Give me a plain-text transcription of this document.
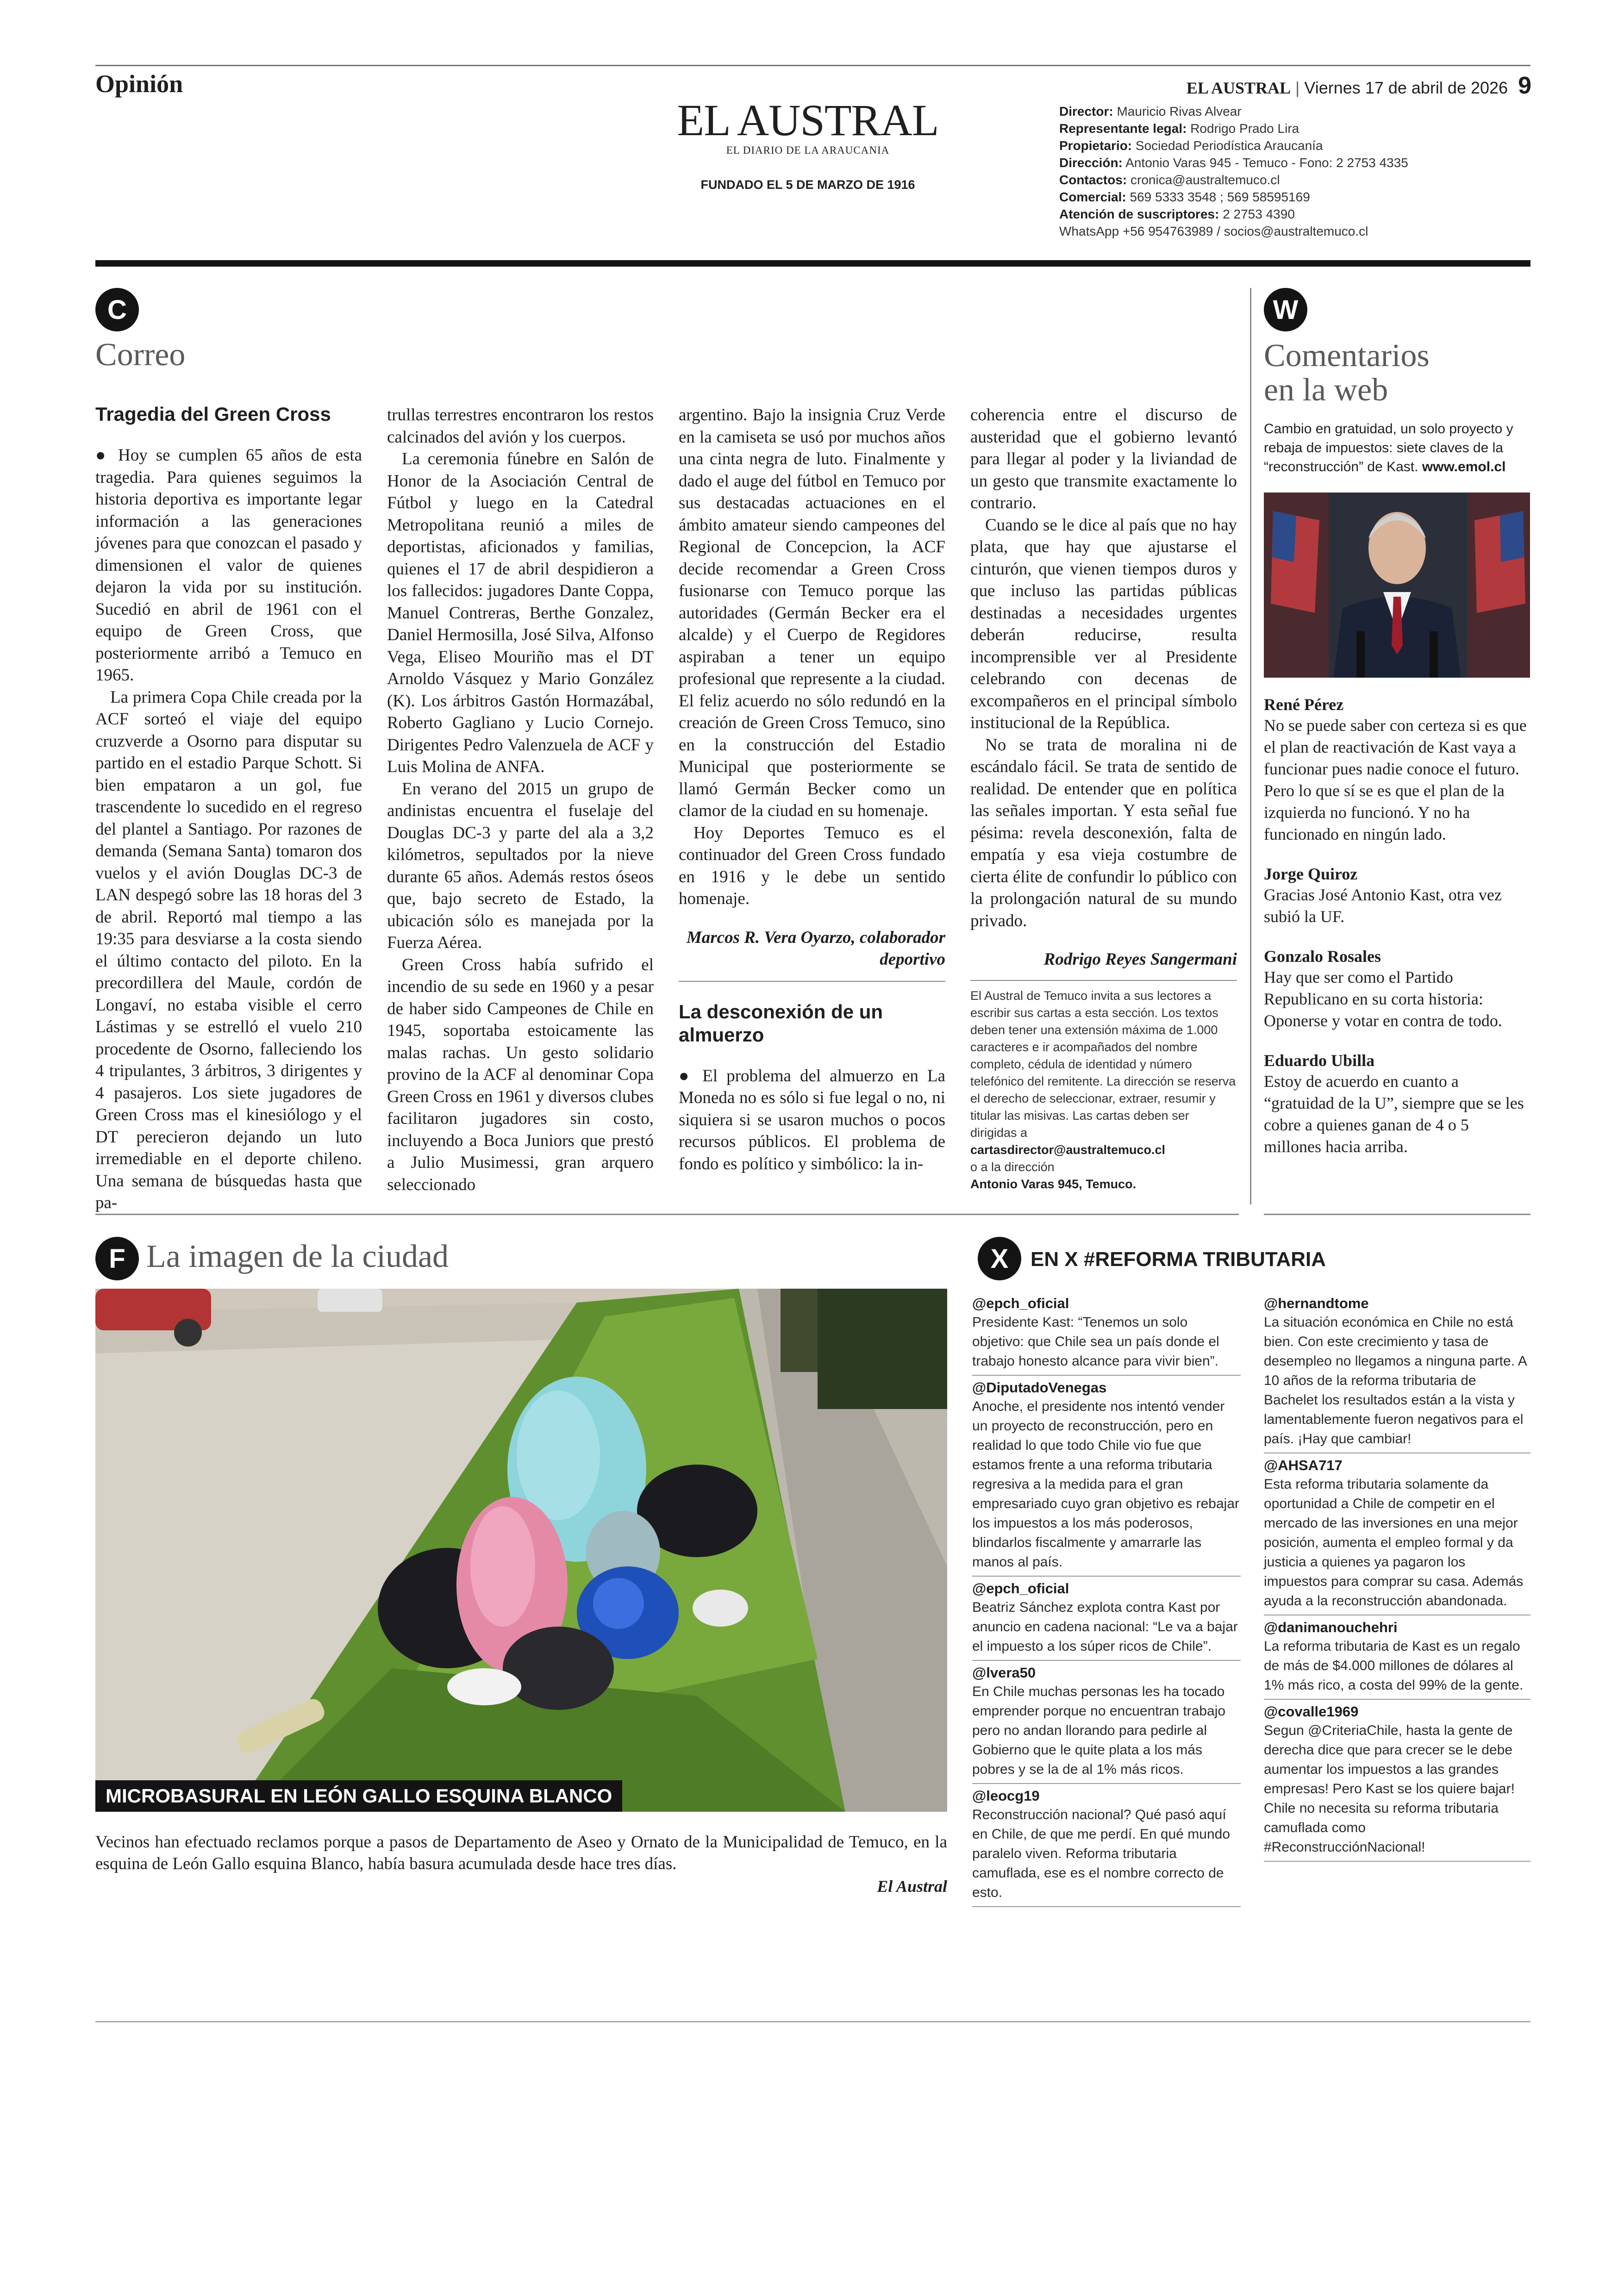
Opinión	EL AUSTRAL | Viernes 17 de abril de 2026 9
EL AUSTRAL
EL DIARIO DE LA ARAUCANIA
FUNDADO EL 5 DE MARZO DE 1916
Director: Mauricio Rivas Alvear
Representante legal: Rodrigo Prado Lira
Propietario: Sociedad Periodística Araucanía
Dirección: Antonio Varas 945 - Temuco - Fono: 2 2753 4335
Contactos: cronica@australtemuco.cl
Comercial: 569 5333 3548 ; 569 58595169
Atención de suscriptores: 2 2753 4390
WhatsApp +56 954763989 / socios@australtemuco.cl
C
Correo

Tragedia del Green Cross

● Hoy se cumplen 65 años de esta tragedia. Para quienes seguimos la historia deportiva es importante legar información a las generaciones jóvenes para que conozcan el pasado y dimensionen el valor de quienes dejaron la vida por su institución. Sucedió en abril de 1961 con el equipo de Green Cross, que posteriormente arribó a Temuco en 1965.

La primera Copa Chile creada por la ACF sorteó el viaje del equipo cruzverde a Osorno para disputar su partido en el estadio Parque Schott. Si bien empataron a un gol, fue trascendente lo sucedido en el regreso del plantel a Santiago. Por razones de demanda (Semana Santa) tomaron dos vuelos y el avión Douglas DC-3 de LAN despegó sobre las 18 horas del 3 de abril. Reportó mal tiempo a las 19:35 para desviarse a la costa siendo el último contacto del piloto. En la precordillera del Maule, cordón de Longaví, no estaba visible el cerro Lástimas y se estrelló el vuelo 210 procedente de Osorno, falleciendo los 4 tripulantes, 3 árbitros, 3 dirigentes y 4 pasajeros. Los siete jugadores de Green Cross mas el kinesiólogo y el DT perecieron dejando un luto irremediable en el deporte chileno. Una semana de búsquedas hasta que pa-

trullas terrestres encontraron los restos calcinados del avión y los cuerpos.

La ceremonia fúnebre en Salón de Honor de la Asociación Central de Fútbol y luego en la Catedral Metropolitana reunió a miles de deportistas, aficionados y familias, quienes el 17 de abril despidieron a los fallecidos: jugadores Dante Coppa, Manuel Contreras, Berthe Gonzalez, Daniel Hermosilla, José Silva, Alfonso Vega, Eliseo Mouriño mas el DT Arnoldo Vásquez y Mario González (K). Los árbitros Gastón Hormazábal, Roberto Gagliano y Lucio Cornejo. Dirigentes Pedro Valenzuela de ACF y Luis Molina de ANFA.

En verano del 2015 un grupo de andinistas encuentra el fuselaje del Douglas DC-3 y parte del ala a 3,2 kilómetros, sepultados por la nieve durante 65 años. Además restos óseos que, bajo secreto de Estado, la ubicación sólo es manejada por la Fuerza Aérea.

Green Cross había sufrido el incendio de su sede en 1960 y a pesar de haber sido Campeones de Chile en 1945, soportaba estoicamente las malas rachas. Un gesto solidario provino de la ACF al denominar Copa Green Cross en 1961 y diversos clubes facilitaron jugadores sin costo, incluyendo a Boca Juniors que prestó a Julio Musimessi, gran arquero seleccionado

argentino. Bajo la insignia Cruz Verde en la camiseta se usó por muchos años una cinta negra de luto. Finalmente y dado el auge del fútbol en Temuco por sus destacadas actuaciones en el ámbito amateur siendo campeones del Regional de Concepcion, la ACF decide recomendar a Green Cross fusionarse con Temuco porque las autoridades (Germán Becker era el alcalde) y el Cuerpo de Regidores aspiraban a tener un equipo profesional que represente a la ciudad. El feliz acuerdo no sólo redundó en la creación de Green Cross Temuco, sino en la construcción del Estadio Municipal que posteriormente se llamó Germán Becker como un clamor de la ciudad en su homenaje.

Hoy Deportes Temuco es el continuador del Green Cross fundado en 1916 y le debe un sentido homenaje.

Marcos R. Vera Oyarzo, colaborador deportivo

La desconexión de un almuerzo

● El problema del almuerzo en La Moneda no es sólo si fue legal o no, ni siquiera si se usaron muchos o pocos recursos públicos. El problema de fondo es político y simbólico: la in-

coherencia entre el discurso de austeridad que el gobierno levantó para llegar al poder y la liviandad de un gesto que transmite exactamente lo contrario.

Cuando se le dice al país que no hay plata, que hay que ajustarse el cinturón, que vienen tiempos duros y que incluso las partidas públicas destinadas a necesidades urgentes deberán reducirse, resulta incomprensible ver al Presidente celebrando con decenas de excompañeros en el principal símbolo institucional de la República.

No se trata de moralina ni de escándalo fácil. Se trata de sentido de realidad. De entender que en política las señales importan. Y esta señal fue pésima: revela desconexión, falta de empatía y esa vieja costumbre de cierta élite de confundir lo público con la prolongación natural de su mundo privado.

Rodrigo Reyes Sangermani

El Austral de Temuco invita a sus lectores a escribir sus cartas a esta sección. Los textos deben tener una extensión máxima de 1.000 caracteres e ir acompañados del nombre completo, cédula de identidad y número telefónico del remitente. La dirección se reserva el derecho de seleccionar, extraer, resumir y titular las misivas. Las cartas deben ser dirigidas a
cartasdirector@australtemuco.cl
o a la dirección
Antonio Varas 945, Temuco.
W
Comentarios
en la web
Cambio en gratuidad, un solo proyecto y rebaja de impuestos: siete claves de la “reconstrucción” de Kast. www.emol.cl

René Pérez

No se puede saber con certeza si es que el plan de reactivación de Kast vaya a funcionar pues nadie conoce el futuro. Pero lo que sí se es que el plan de la izquierda no funcionó. Y no ha funcionado en ningún lado.

Jorge Quiroz

Gracias José Antonio Kast, otra vez subió la UF.

Gonzalo Rosales

Hay que ser como el Partido Republicano en su corta historia: Oponerse y votar en contra de todo.

Eduardo Ubilla

Estoy de acuerdo en cuanto a “gratuidad de la U”, siempre que se les cobre a quienes ganan de 4 o 5 millones hacia arriba.

F La imagen de la ciudad
MICROBASURAL EN LEÓN GALLO ESQUINA BLANCO
Vecinos han efectuado reclamos porque a pasos de Departamento de Aseo y Ornato de la Municipalidad de Temuco, en la esquina de León Gallo esquina Blanco, había basura acumulada desde hace tres días.
El Austral
X	EN X #REFORMA TRIBUTARIA
@epch_oficial
Presidente Kast: “Tenemos un solo objetivo: que Chile sea un país donde el trabajo honesto alcance para vivir bien”.
@DiputadoVenegas
Anoche, el presidente nos intentó vender un proyecto de reconstrucción, pero en realidad lo que todo Chile vio fue que estamos frente a una reforma tributaria regresiva a la medida para el gran empresariado cuyo gran objetivo es rebajar los impuestos a los más poderosos, blindarlos fiscalmente y amarrarle las manos al país.
@epch_oficial
Beatriz Sánchez explota contra Kast por anuncio en cadena nacional: “Le va a bajar el impuesto a los súper ricos de Chile”.
@lvera50
En Chile muchas personas les ha tocado emprender porque no encuentran trabajo pero no andan llorando para pedirle al Gobierno que le quite plata a los más pobres y se la de al 1% más ricos.
@leocg19
Reconstrucción nacional? Qué pasó aquí en Chile, de que me perdí. En qué mundo paralelo viven. Reforma tributaria camuflada, ese es el nombre correcto de esto.
@hernandtome
La situación económica en Chile no está bien. Con este crecimiento y tasa de desempleo no llegamos a ninguna parte. A 10 años de la reforma tributaria de Bachelet los resultados están a la vista y lamentablemente fueron negativos para el país. ¡Hay que cambiar!
@AHSA717
Esta reforma tributaria solamente da oportunidad a Chile de competir en el mercado de las inversiones en una mejor posición, aumenta el empleo formal y da justicia a quienes ya pagaron los impuestos para comprar su casa. Además ayuda a la reconstrucción abandonada.
@danimanouchehri
La reforma tributaria de Kast es un regalo de más de $4.000 millones de dólares al 1% más rico, a costa del 99% de la gente.
@covalle1969
Segun @CriteriaChile, hasta la gente de derecha dice que para crecer se le debe aumentar los impuestos a las grandes empresas! Pero Kast se los quiere bajar! Chile no necesita su reforma tributaria camuflada como #ReconstrucciónNacional!
